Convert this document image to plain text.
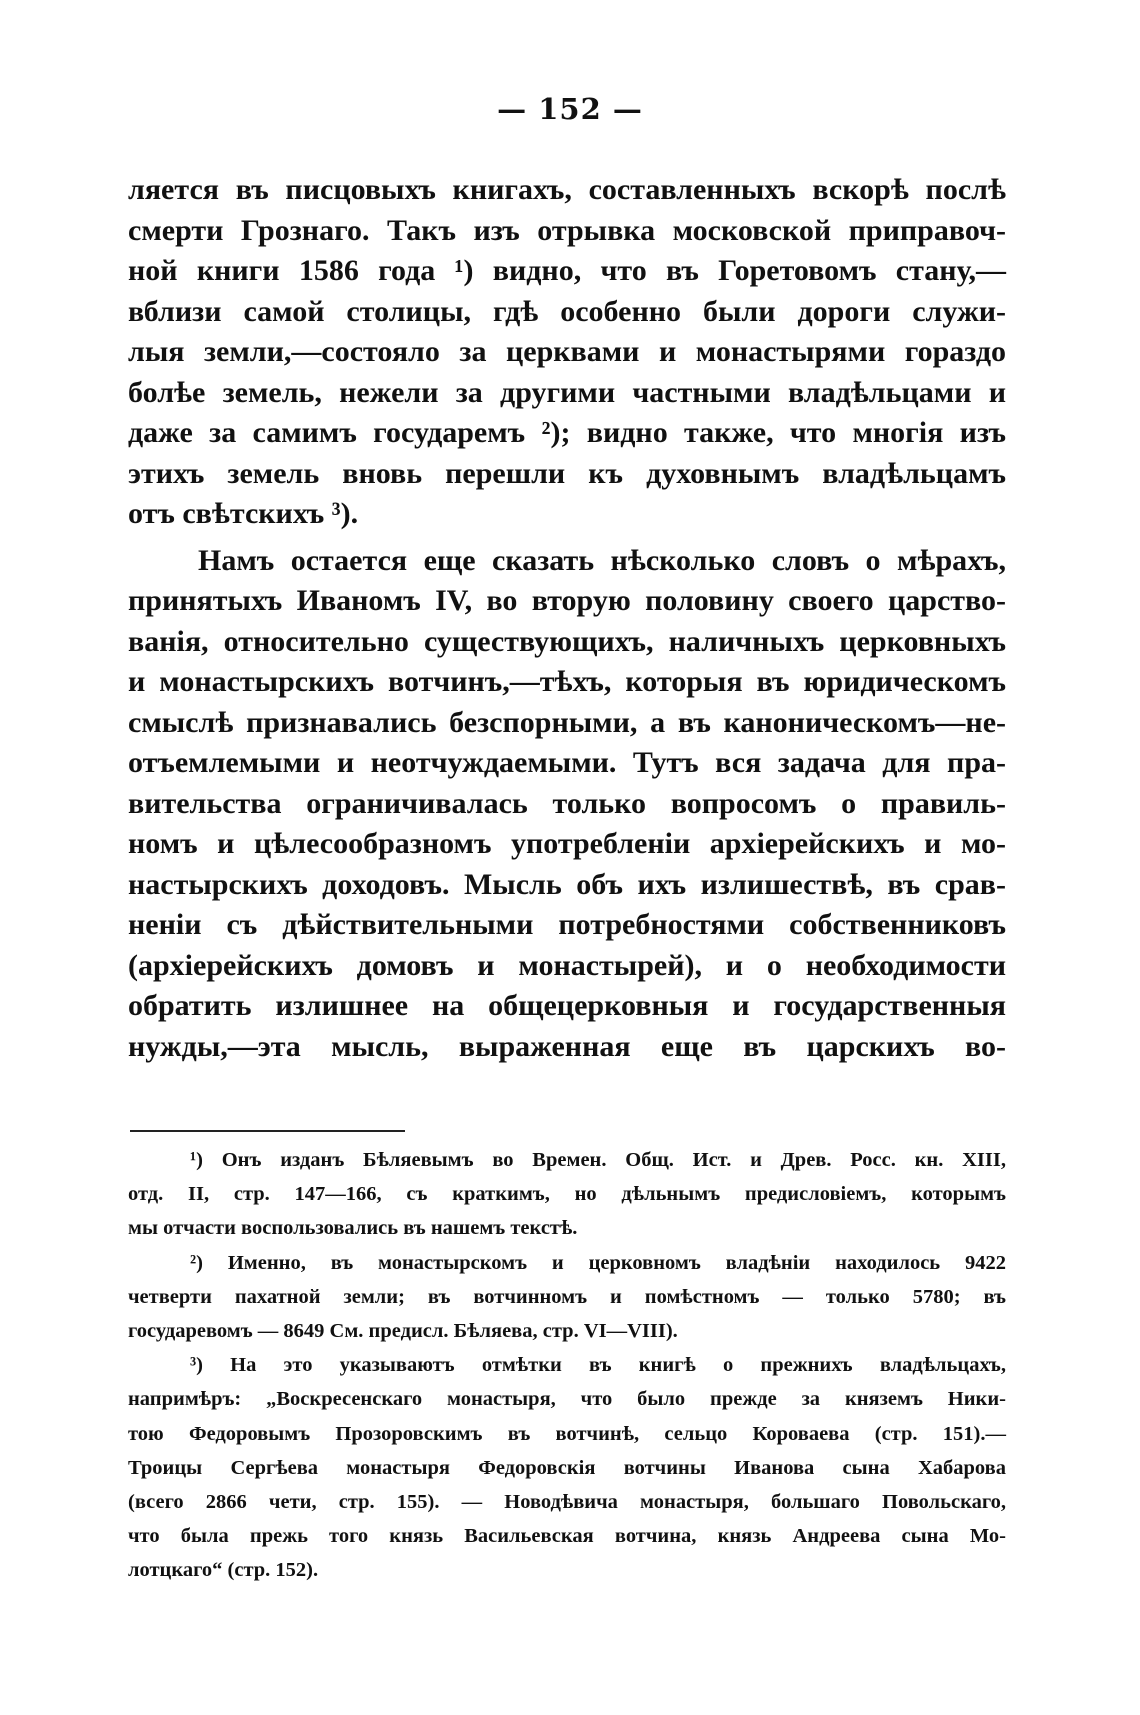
— 152 —
ляется въ писцовыхъ книгахъ, составленныхъ вскорѣ послѣ
смерти Грознаго. Такъ изъ отрывка московской приправоч-
ной книги 1586 года ¹) видно, что въ Горетовомъ стану,—
вблизи самой столицы, гдѣ особенно были дороги служи-
лыя земли,—состояло за церквами и монастырями гораздо
болѣе земель, нежели за другими частными владѣльцами и
даже за самимъ государемъ ²); видно также, что многія изъ
этихъ земель вновь перешли къ духовнымъ владѣльцамъ
отъ свѣтскихъ ³).
Намъ остается еще сказать нѣсколько словъ о мѣрахъ,
принятыхъ Иваномъ IV, во вторую половину своего царство-
ванія, относительно существующихъ, наличныхъ церковныхъ
и монастырскихъ вотчинъ,—тѣхъ, которыя въ юридическомъ
смыслѣ признавались безспорными, а въ каноническомъ—не-
отъемлемыми и неотчуждаемыми. Тутъ вся задача для пра-
вительства ограничивалась только вопросомъ о правиль-
номъ и цѣлесообразномъ употребленіи архіерейскихъ и мо-
настырскихъ доходовъ. Мысль объ ихъ излишествѣ, въ срав-
неніи съ дѣйствительными потребностями собственниковъ
(архіерейскихъ домовъ и монастырей), и о необходимости
обратить излишнее на общецерковныя и государственныя
нужды,—эта мысль, выраженная еще въ царскихъ во-
¹) Онъ изданъ Бѣляевымъ во Времен. Общ. Ист. и Древ. Росс. кн. XIII,
отд. II, стр. 147—166, съ краткимъ, но дѣльнымъ предисловіемъ, которымъ
мы отчасти воспользовались въ нашемъ текстѣ.
²) Именно, въ монастырскомъ и церковномъ владѣніи находилось 9422
четверти пахатной земли; въ вотчинномъ и помѣстномъ — только 5780; въ
государевомъ — 8649 См. предисл. Бѣляева, стр. VI—VIII).
³) На это указываютъ отмѣтки въ книгѣ о прежнихъ владѣльцахъ,
напримѣръ: „Воскресенскаго монастыря, что было прежде за княземъ Ники-
тою Федоровымъ Прозоровскимъ въ вотчинѣ, сельцо Короваева (стр. 151).—
Троицы Сергѣева монастыря Федоровскія вотчины Иванова сына Хабарова
(всего 2866 чети, стр. 155). — Новодѣвича монастыря, большаго Повольскаго,
что была прежь того князь Васильевская вотчина, князь Андреева сына Мо-
лотцкаго“ (стр. 152).
